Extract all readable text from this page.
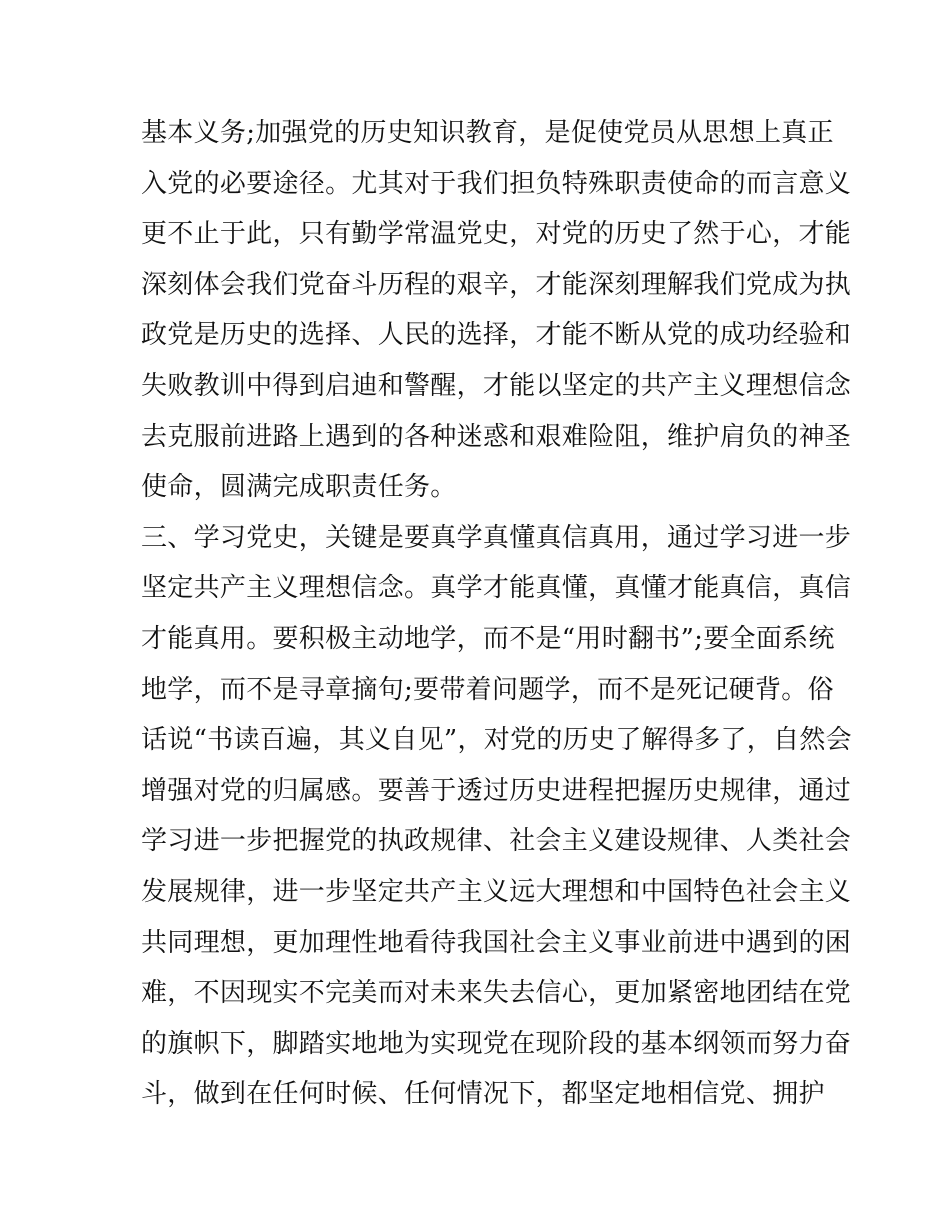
基本义务;加强党的历史知识教育，是促使党员从思想上真正
入党的必要途径。尤其对于我们担负特殊职责使命的而言意义
更不止于此，只有勤学常温党史，对党的历史了然于心，才能
深刻体会我们党奋斗历程的艰辛，才能深刻理解我们党成为执
政党是历史的选择、人民的选择，才能不断从党的成功经验和
失败教训中得到启迪和警醒，才能以坚定的共产主义理想信念
去克服前进路上遇到的各种迷惑和艰难险阻，维护肩负的神圣
使命，圆满完成职责任务。
三、学习党史，关键是要真学真懂真信真用，通过学习进一步
坚定共产主义理想信念。真学才能真懂，真懂才能真信，真信
才能真用。要积极主动地学，而不是“用时翻书”;要全面系统
地学，而不是寻章摘句;要带着问题学，而不是死记硬背。俗
话说“书读百遍，其义自见”，对党的历史了解得多了，自然会
增强对党的归属感。要善于透过历史进程把握历史规律，通过
学习进一步把握党的执政规律、社会主义建设规律、人类社会
发展规律，进一步坚定共产主义远大理想和中国特色社会主义
共同理想，更加理性地看待我国社会主义事业前进中遇到的困
难，不因现实不完美而对未来失去信心，更加紧密地团结在党
的旗帜下，脚踏实地地为实现党在现阶段的基本纲领而努力奋
斗，做到在任何时候、任何情况下，都坚定地相信党、拥护
